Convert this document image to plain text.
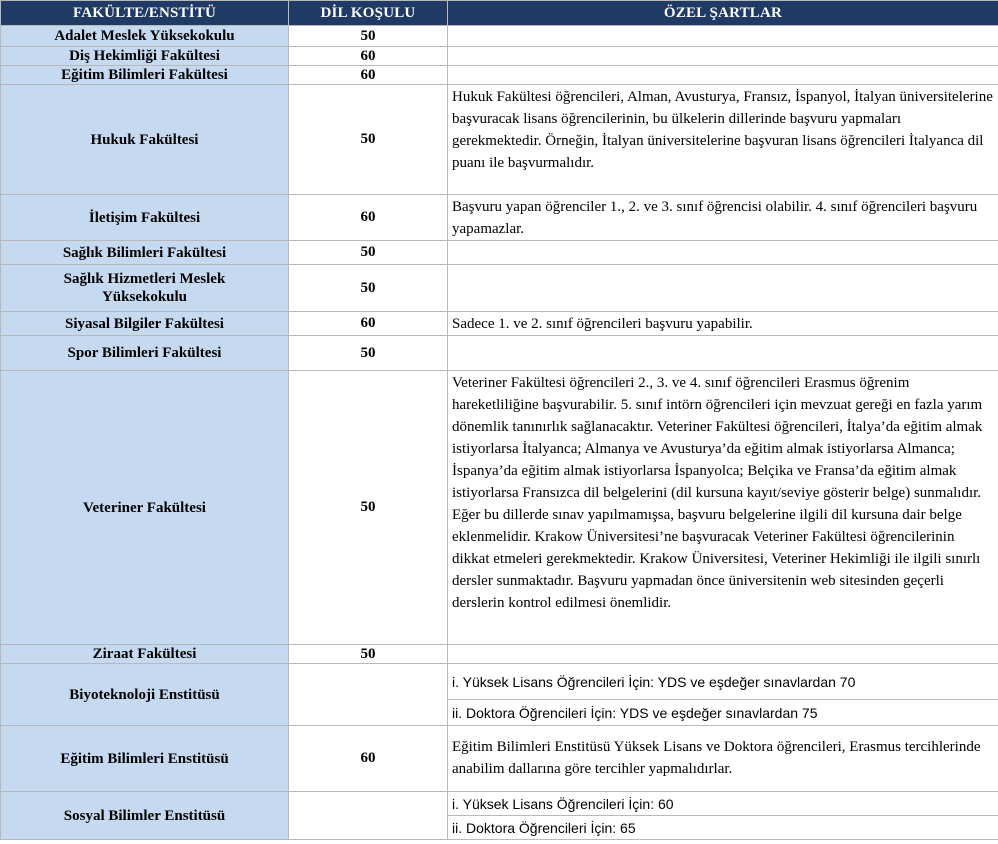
FAKÜLTE/ENSTİTÜ	DİL KOŞULU	ÖZEL ŞARTLAR
Adalet Meslek Yüksekokulu	50	
Diş Hekimliği Fakültesi	60	
Eğitim Bilimleri Fakültesi	60	
Hukuk Fakültesi	50	Hukuk Fakültesi öğrencileri, Alman, Avusturya, Fransız, İspanyol, İtalyan üniversitelerine başvuracak lisans öğrencilerinin, bu ülkelerin dillerinde başvuru yapmaları gerekmektedir. Örneğin, İtalyan üniversitelerine başvuran lisans öğrencileri İtalyanca dil puanı ile başvurmalıdır.
İletişim Fakültesi	60	Başvuru yapan öğrenciler 1., 2. ve 3. sınıf öğrencisi olabilir. 4. sınıf öğrencileri başvuru yapamazlar.
Sağlık Bilimleri Fakültesi	50	
Sağlık Hizmetleri Meslek Yüksekokulu	50	
Siyasal Bilgiler Fakültesi	60	Sadece 1. ve 2. sınıf öğrencileri başvuru yapabilir.
Spor Bilimleri Fakültesi	50	
Veteriner Fakültesi	50	Veteriner Fakültesi öğrencileri 2., 3. ve 4. sınıf öğrencileri Erasmus öğrenim hareketliliğine başvurabilir. 5. sınıf intörn öğrencileri için mevzuat gereği en fazla yarım dönemlik tanınırlık sağlanacaktır. Veteriner Fakültesi öğrencileri, İtalya’da eğitim almak istiyorlarsa İtalyanca; Almanya ve Avusturya’da eğitim almak istiyorlarsa Almanca; İspanya’da eğitim almak istiyorlarsa İspanyolca; Belçika ve Fransa’da eğitim almak istiyorlarsa Fransızca dil belgelerini (dil kursuna kayıt/seviye gösterir belge) sunmalıdır. Eğer bu dillerde sınav yapılmamışsa, başvuru belgelerine ilgili dil kursuna dair belge eklenmelidir. Krakow Üniversitesi’ne başvuracak Veteriner Fakültesi öğrencilerinin dikkat etmeleri gerekmektedir. Krakow Üniversitesi, Veteriner Hekimliği ile ilgili sınırlı dersler sunmaktadır. Başvuru yapmadan önce üniversitenin web sitesinden geçerli derslerin kontrol edilmesi önemlidir.
Ziraat Fakültesi	50	
Biyoteknoloji Enstitüsü		i. Yüksek Lisans Öğrencileri İçin: YDS ve eşdeğer sınavlardan 70
		ii. Doktora Öğrencileri İçin: YDS ve eşdeğer sınavlardan 75
Eğitim Bilimleri Enstitüsü	60	Eğitim Bilimleri Enstitüsü Yüksek Lisans ve Doktora öğrencileri, Erasmus tercihlerinde anabilim dallarına göre tercihler yapmalıdırlar.
Sosyal Bilimler Enstitüsü		i. Yüksek Lisans Öğrencileri İçin: 60
		ii. Doktora Öğrencileri İçin: 65
